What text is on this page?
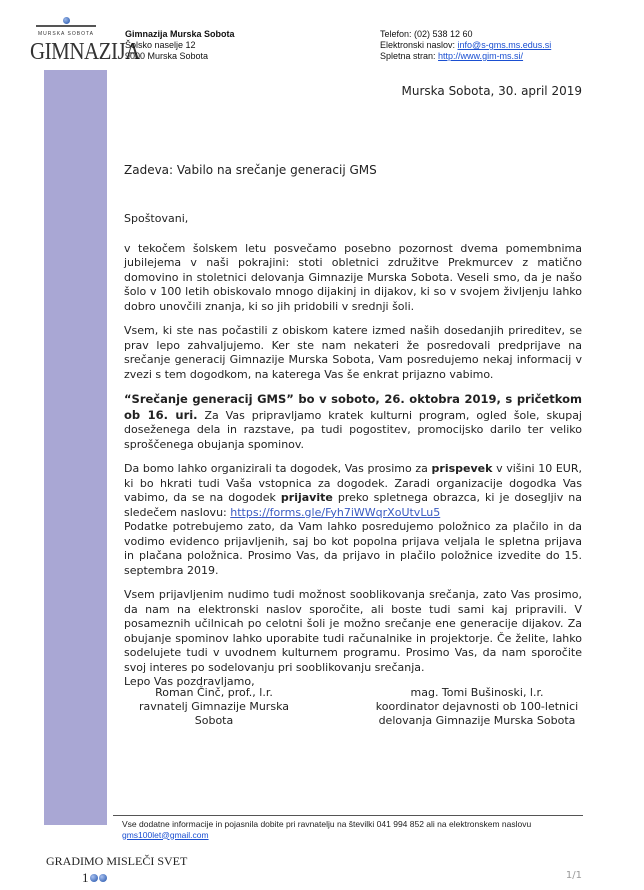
MURSKA SOBOTA
GIMNAZIJA
Gimnazija Murska Sobota
Šolsko naselje 12
9000 Murska Sobota
Telefon: (02) 538 12 60
Elektronski naslov: info@s-gms.ms.edus.si
Spletna stran: http://www.gim-ms.si/
Murska Sobota, 30. april 2019
Zadeva: Vabilo na srečanje generacij GMS

Spoštovani,

v tekočem šolskem letu posvečamo posebno pozornost dvema pomembnima jubilejema v naši pokrajini: stoti obletnici združitve Prekmurcev z matično domovino in stoletnici delovanja Gimnazije Murska Sobota. Veseli smo, da je našo šolo v 100 letih obiskovalo mnogo dijakinj in dijakov, ki so v svojem življenju lahko dobro unovčili znanja, ki so jih pridobili v srednji šoli.

Vsem, ki ste nas počastili z obiskom katere izmed naših dosedanjih prireditev, se prav lepo zahvaljujemo. Ker ste nam nekateri že posredovali predprijave na srečanje generacij Gimnazije Murska Sobota, Vam posredujemo nekaj informacij v zvezi s tem dogodkom, na katerega Vas še enkrat prijazno vabimo.

“Srečanje generacij GMS” bo v soboto, 26. oktobra 2019, s pričetkom ob 16. uri. Za Vas pripravljamo kratek kulturni program, ogled šole, skupaj doseženega dela in razstave, pa tudi pogostitev, promocijsko darilo ter veliko sproščenega obujanja spominov.

Da bomo lahko organizirali ta dogodek, Vas prosimo za prispevek v višini 10 EUR, ki bo hkrati tudi Vaša vstopnica za dogodek. Zaradi organizacije dogodka Vas vabimo, da se na dogodek prijavite preko spletnega obrazca, ki je dosegljiv na sledečem naslovu: https://forms.gle/Fyh7iWWqrXoUtvLu5

Podatke potrebujemo zato, da Vam lahko posredujemo položnico za plačilo in da vodimo evidenco prijavljenih, saj bo kot popolna prijava veljala le spletna prijava in plačana položnica. Prosimo Vas, da prijavo in plačilo položnice izvedite do 15. septembra 2019.

Vsem prijavljenim nudimo tudi možnost sooblikovanja srečanja, zato Vas prosimo, da nam na elektronski naslov sporočite, ali boste tudi sami kaj pripravili. V posameznih učilnicah po celotni šoli je možno srečanje ene generacije dijakov. Za obujanje spominov lahko uporabite tudi računalnike in projektorje. Če želite, lahko sodelujete tudi v uvodnem kulturnem programu. Prosimo Vas, da nam sporočite svoj interes po sodelovanju pri sooblikovanju srečanja.

Lepo Vas pozdravljamo,

Roman Činč, prof., l.r.
ravnatelj Gimnazije Murska Sobota
mag. Tomi Bušinoski, l.r.
koordinator dejavnosti ob 100-letnici
delovanja Gimnazije Murska Sobota
Vse dodatne informacije in pojasnila dobite pri ravnatelju na številki 041 994 852 ali na elektronskem naslovu gms100let@gmail.com
GRADIMO MISLEČI SVET
1	1/1
